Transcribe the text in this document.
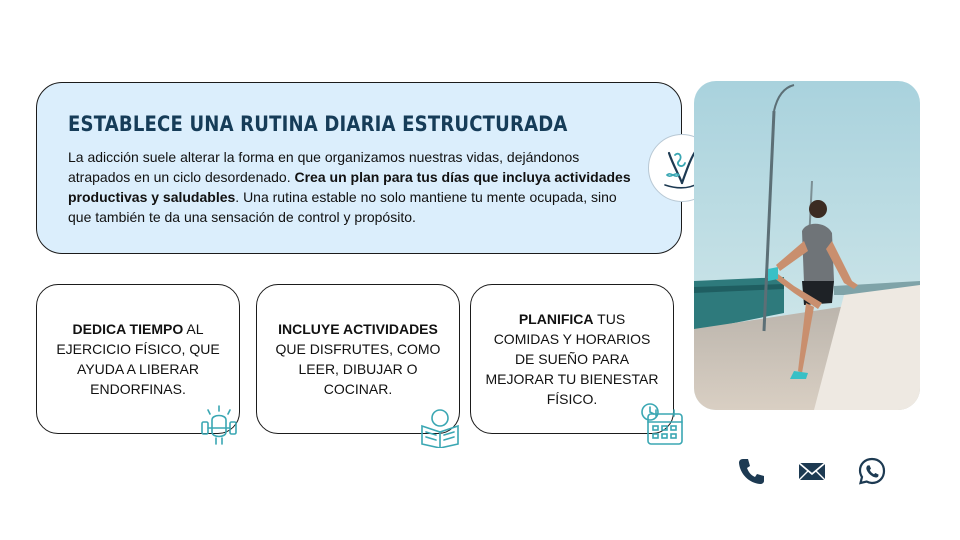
ESTABLECE UNA RUTINA DIARIA ESTRUCTURADA

La adicción suele alterar la forma en que organizamos nuestras vidas, dejándonos atrapados en un ciclo desordenado. Crea un plan para tus días que incluya actividades productivas y saludables. Una rutina estable no solo mantiene tu mente ocupada, sino que también te da una sensación de control y propósito.

DEDICA TIEMPO AL EJERCICIO FÍSICO, QUE AYUDA A LIBERAR ENDORFINAS.
INCLUYE ACTIVIDADES QUE DISFRUTES, COMO LEER, DIBUJAR O COCINAR.
PLANIFICA TUS COMIDAS Y HORARIOS DE SUEÑO PARA MEJORAR TU BIENESTAR FÍSICO.
